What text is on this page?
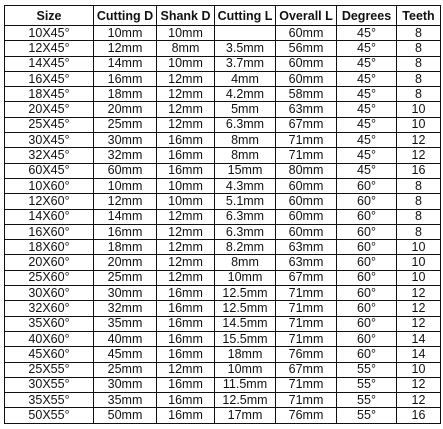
Size	Cutting D	Shank D	Cutting L	Overall L	Degrees	Teeth
10X45°	10mm	10mm		60mm	45°	8
12X45°	12mm	8mm	3.5mm	56mm	45°	8
14X45°	14mm	10mm	3.7mm	60mm	45°	8
16X45°	16mm	12mm	4mm	60mm	45°	8
18X45°	18mm	12mm	4.2mm	58mm	45°	8
20X45°	20mm	12mm	5mm	63mm	45°	10
25X45°	25mm	12mm	6.3mm	67mm	45°	10
30X45°	30mm	16mm	8mm	71mm	45°	12
32X45°	32mm	16mm	8mm	71mm	45°	12
60X45°	60mm	16mm	15mm	80mm	45°	16
10X60°	10mm	10mm	4.3mm	60mm	60°	8
12X60°	12mm	10mm	5.1mm	60mm	60°	8
14X60°	14mm	12mm	6.3mm	60mm	60°	8
16X60°	16mm	12mm	6.3mm	60mm	60°	8
18X60°	18mm	12mm	8.2mm	63mm	60°	10
20X60°	20mm	12mm	8mm	63mm	60°	10
25X60°	25mm	12mm	10mm	67mm	60°	10
30X60°	30mm	16mm	12.5mm	71mm	60°	12
32X60°	32mm	16mm	12.5mm	71mm	60°	12
35X60°	35mm	16mm	14.5mm	71mm	60°	12
40X60°	40mm	16mm	15.5mm	71mm	60°	14
45X60°	45mm	16mm	18mm	76mm	60°	14
25X55°	25mm	12mm	10mm	67mm	55°	10
30X55°	30mm	16mm	11.5mm	71mm	55°	12
35X55°	35mm	16mm	12.5mm	71mm	55°	12
50X55°	50mm	16mm	17mm	76mm	55°	16
